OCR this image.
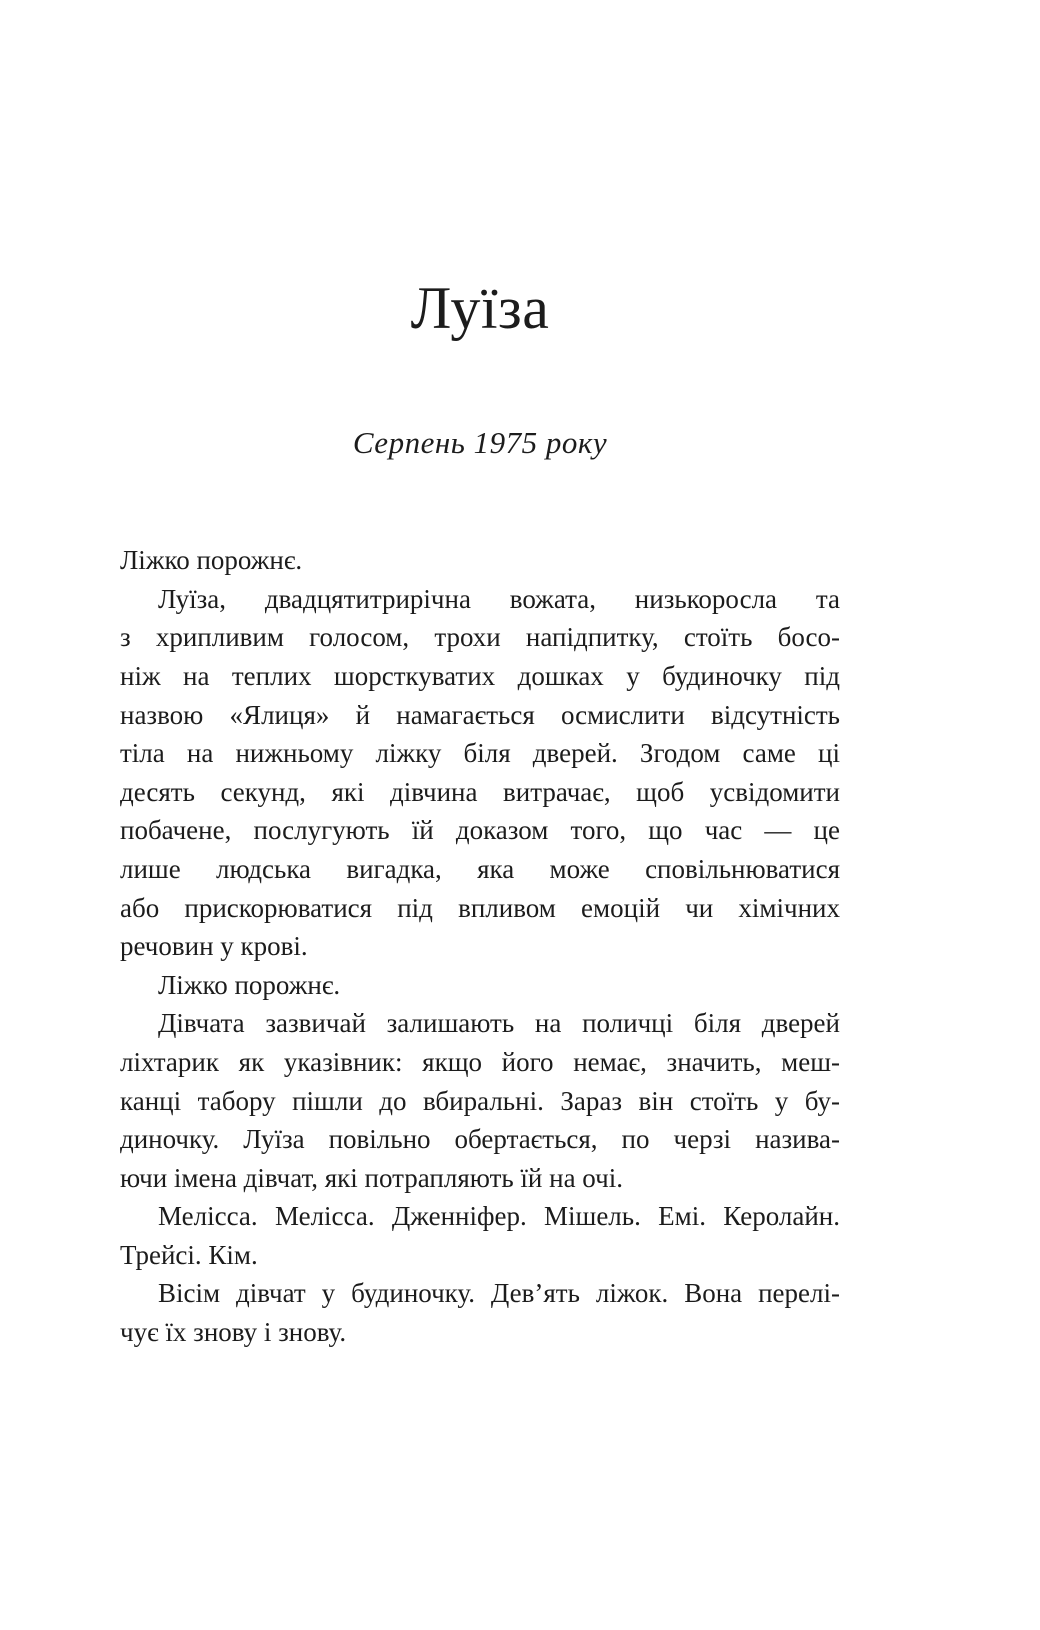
Луїза
Серпень 1975 року
Ліжко порожнє.
Луїза, двадцятитрирічна вожата, низькоросла та
з хрипливим голосом, трохи напідпитку, стоїть босо-
ніж на теплих шорсткуватих дошках у будиночку під
назвою «Ялиця» й намагається осмислити відсутність
тіла на нижньому ліжку біля дверей. Згодом саме ці
десять секунд, які дівчина витрачає, щоб усвідомити
побачене, послугують їй доказом того, що час — це
лише людська вигадка, яка може сповільнюватися
або прискорюватися під впливом емоцій чи хімічних
речовин у крові.
Ліжко порожнє.
Дівчата зазвичай залишають на поличці біля дверей
ліхтарик як указівник: якщо його немає, значить, меш-
канці табору пішли до вбиральні. Зараз він стоїть у бу-
диночку. Луїза повільно обертається, по черзі назива-
ючи імена дівчат, які потрапляють їй на очі.
Мелісса. Мелісса. Дженніфер. Мішель. Емі. Керолайн.
Трейсі. Кім.
Вісім дівчат у будиночку. Дев’ять ліжок. Вона перелі-
чує їх знову і знову.
